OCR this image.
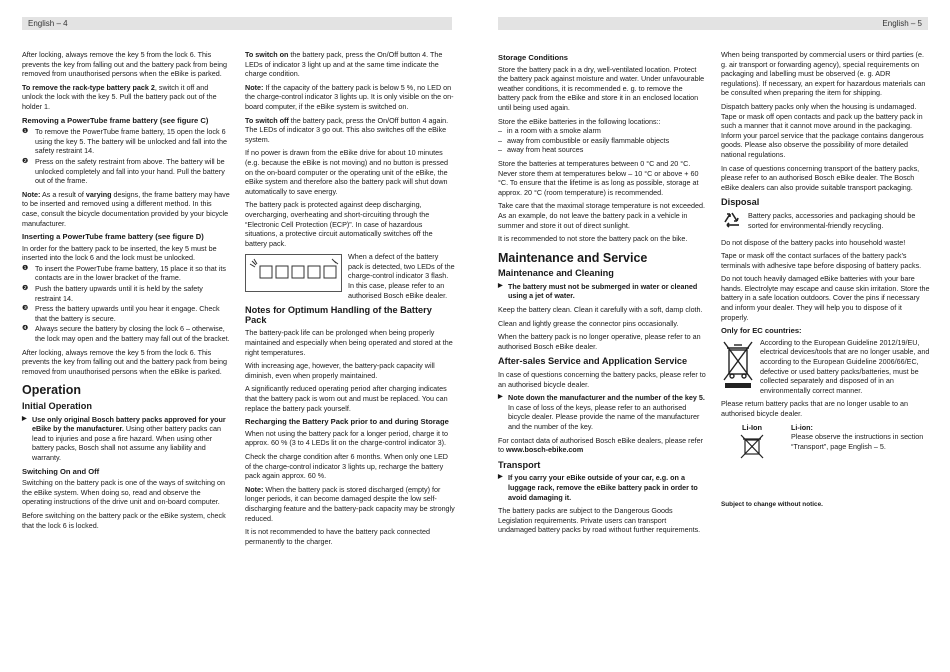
English – 4	English – 5

After locking, always remove the key 5 from the lock 6. This prevents the key from falling out and the battery pack from being removed from unauthorised persons when the eBike is parked.

To remove the rack-type battery pack 2, switch it off and unlock the lock with the key 5. Pull the battery pack out of the holder 1.

Removing a PowerTube frame battery (see figure C)
❶ To remove the PowerTube frame battery, 15 open the lock 6 using the key 5. The battery will be unlocked and fall into the safety restraint 14.
❷ Press on the safety restraint from above. The battery will be unlocked completely and fall into your hand. Pull the battery out of the frame.

Note: As a result of varying designs, the frame battery may have to be inserted and removed using a different method. In this case, consult the bicycle documentation provided by your bicycle manufacturer.

Inserting a PowerTube frame battery (see figure D)

In order for the battery pack to be inserted, the key 5 must be inserted into the lock 6 and the lock must be unlocked.

❶ To insert the PowerTube frame battery, 15 place it so that its contacts are in the lower bracket of the frame.
❷ Push the battery upwards until it is held by the safety restraint 14.
❸ Press the battery upwards until you hear it engage. Check that the battery is secure.
❹ Always secure the battery by closing the lock 6 – otherwise, the lock may open and the battery may fall out of the bracket.

After locking, always remove the key 5 from the lock 6. This prevents the key from falling out and the battery pack from being removed from unauthorised persons when the eBike is parked.

Operation
Initial Operation
▶ Use only original Bosch battery packs approved for your eBike by the manufacturer. Using other battery packs can lead to injuries and pose a fire hazard. When using other battery packs, Bosch shall not assume any liability and warranty.
Switching On and Off

Switching on the battery pack is one of the ways of switching on the eBike system. When doing so, read and observe the operating instructions of the drive unit and on-board computer.

Before switching on the battery pack or the eBike system, check that the lock 6 is locked.

To switch on the battery pack, press the On/Off button 4. The LEDs of indicator 3 light up and at the same time indicate the charge condition.

Note: If the capacity of the battery pack is below 5 %, no LED on the charge-control indicator 3 lights up. It is only visible on the on-board computer, if the eBike system is switched on.

To switch off the battery pack, press the On/Off button 4 again. The LEDs of indicator 3 go out. This also switches off the eBike system.

If no power is drawn from the eBike drive for about 10 minutes (e.g. because the eBike is not moving) and no button is pressed on the on-board computer or the operating unit of the eBike, the eBike system and therefore also the battery pack will shut down automatically to save energy.

The battery pack is protected against deep discharging, overcharging, overheating and short-circuiting through the “Electronic Cell Protection (ECP)”. In case of hazardous situations, a protective circuit automatically switches off the battery pack.

When a defect of the battery pack is detected, two LEDs of the charge-control indicator 3 flash. In this case, please refer to an authorised Bosch eBike dealer.
Notes for Optimum Handling of the Battery Pack

The battery-pack life can be prolonged when being properly maintained and especially when being operated and stored at the right temperatures.

With increasing age, however, the battery-pack capacity will diminish, even when properly maintained.

A significantly reduced operating period after charging indicates that the battery pack is worn out and must be replaced. You can replace the battery pack yourself.

Recharging the Battery Pack prior to and during Storage

When not using the battery pack for a longer period, charge it to approx. 60 % (3 to 4 LEDs lit on the charge-control indicator 3).

Check the charge condition after 6 months. When only one LED of the charge-control indicator 3 lights up, recharge the battery pack again approx. 60 %.

Note: When the battery pack is stored discharged (empty) for longer periods, it can become damaged despite the low self-discharging feature and the battery-pack capacity may be strongly reduced.

It is not recommended to have the battery pack connected permanently to the charger.

Storage Conditions

Store the battery pack in a dry, well-ventilated location. Protect the battery pack against moisture and water. Under unfavourable weather conditions, it is recommended e. g. to remove the battery pack from the eBike and store it in an enclosed location until being used again.

Store the eBike batteries in the following locations::

– in a room with a smoke alarm
– away from combustible or easily flammable objects
– away from heat sources

Store the batteries at temperatures between 0 °C and 20 °C. Never store them at temperatures below – 10 °C or above + 60 °C. To ensure that the lifetime is as long as possible, storage at approx. 20 °C (room temperature) is recommended.

Take care that the maximal storage temperature is not exceeded. As an example, do not leave the battery pack in a vehicle in summer and store it out of direct sunlight.

It is recommended to not store the battery pack on the bike.

Maintenance and Service
Maintenance and Cleaning
▶ The battery must not be submerged in water or cleaned using a jet of water.

Keep the battery clean. Clean it carefully with a soft, damp cloth.

Clean and lightly grease the connector pins occasionally.

When the battery pack is no longer operative, please refer to an authorised Bosch eBike dealer.

After-sales Service and Application Service

In case of questions concerning the battery packs, please refer to an authorised bicycle dealer.

▶ Note down the manufacturer and the number of the key 5. In case of loss of the keys, please refer to an authorised bicycle dealer. Please provide the name of the manufacturer and the number of the key.

For contact data of authorised Bosch eBike dealers, please refer to www.bosch-ebike.com

Transport
▶ If you carry your eBike outside of your car, e.g. on a luggage rack, remove the eBike battery pack in order to avoid damaging it.

The battery packs are subject to the Dangerous Goods Legislation requirements. Private users can transport undamaged battery packs by road without further requirements.

When being transported by commercial users or third parties (e. g. air transport or forwarding agency), special requirements on packaging and labelling must be observed (e. g. ADR regulations). If necessary, an expert for hazardous materials can be consulted when preparing the item for shipping.

Dispatch battery packs only when the housing is undamaged. Tape or mask off open contacts and pack up the battery pack in such a manner that it cannot move around in the packaging. Inform your parcel service that the package contains dangerous goods. Please also observe the possibility of more detailed national regulations.

In case of questions concerning transport of the battery packs, please refer to an authorised Bosch eBike dealer. The Bosch eBike dealers can also provide suitable transport packaging.

Disposal
Battery packs, accessories and packaging should be sorted for environmental-friendly recycling.

Do not dispose of the battery packs into household waste!

Tape or mask off the contact surfaces of the battery pack’s terminals with adhesive tape before disposing of battery packs.

Do not touch heavily damaged eBike batteries with your bare hands. Electrolyte may escape and cause skin irritation. Store the battery in a safe location outdoors. Cover the pins if necessary and inform your dealer. They will help you to dispose of it properly.

Only for EC countries:
According to the European Guideline 2012/19/EU, electrical devices/tools that are no longer usable, and according to the European Guideline 2006/66/EC, defective or used battery packs/batteries, must be collected separately and disposed of in an environmentally correct manner.

Please return battery packs that are no longer usable to an authorised bicycle dealer.

Li-Ion	Li-ion:
Please observe the instructions in section “Transport”, page English – 5.
Subject to change without notice.
